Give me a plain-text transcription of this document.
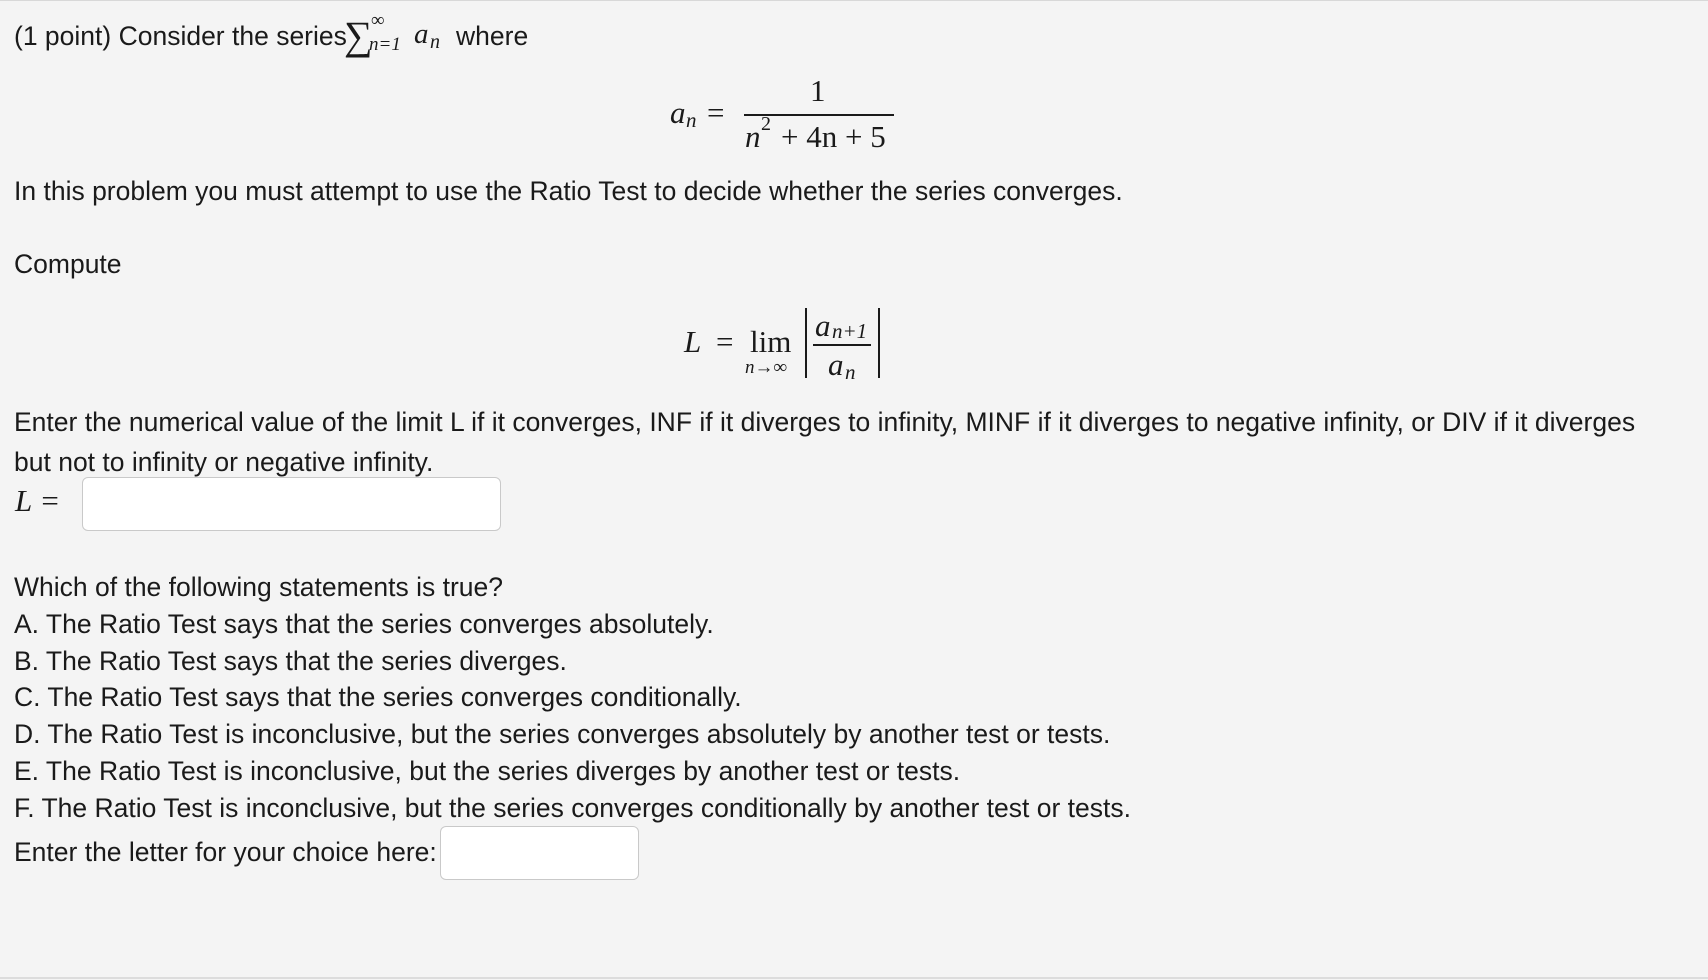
(1 point) Consider the series
∑
∞
n=1 a n where
a n =
1
n 2 + 4n + 5
In this problem you must attempt to use the Ratio Test to decide whether the series converges.
Compute
L = lim
n→∞
a n+1
a n
Enter the numerical value of the limit L if it converges, INF if it diverges to infinity, MINF if it diverges to negative infinity, or DIV if it diverges but not to infinity or negative infinity.
L =
Which of the following statements is true?
A. The Ratio Test says that the series converges absolutely.
B. The Ratio Test says that the series diverges.
C. The Ratio Test says that the series converges conditionally.
D. The Ratio Test is inconclusive, but the series converges absolutely by another test or tests.
E. The Ratio Test is inconclusive, but the series diverges by another test or tests.
F. The Ratio Test is inconclusive, but the series converges conditionally by another test or tests.
Enter the letter for your choice here:
